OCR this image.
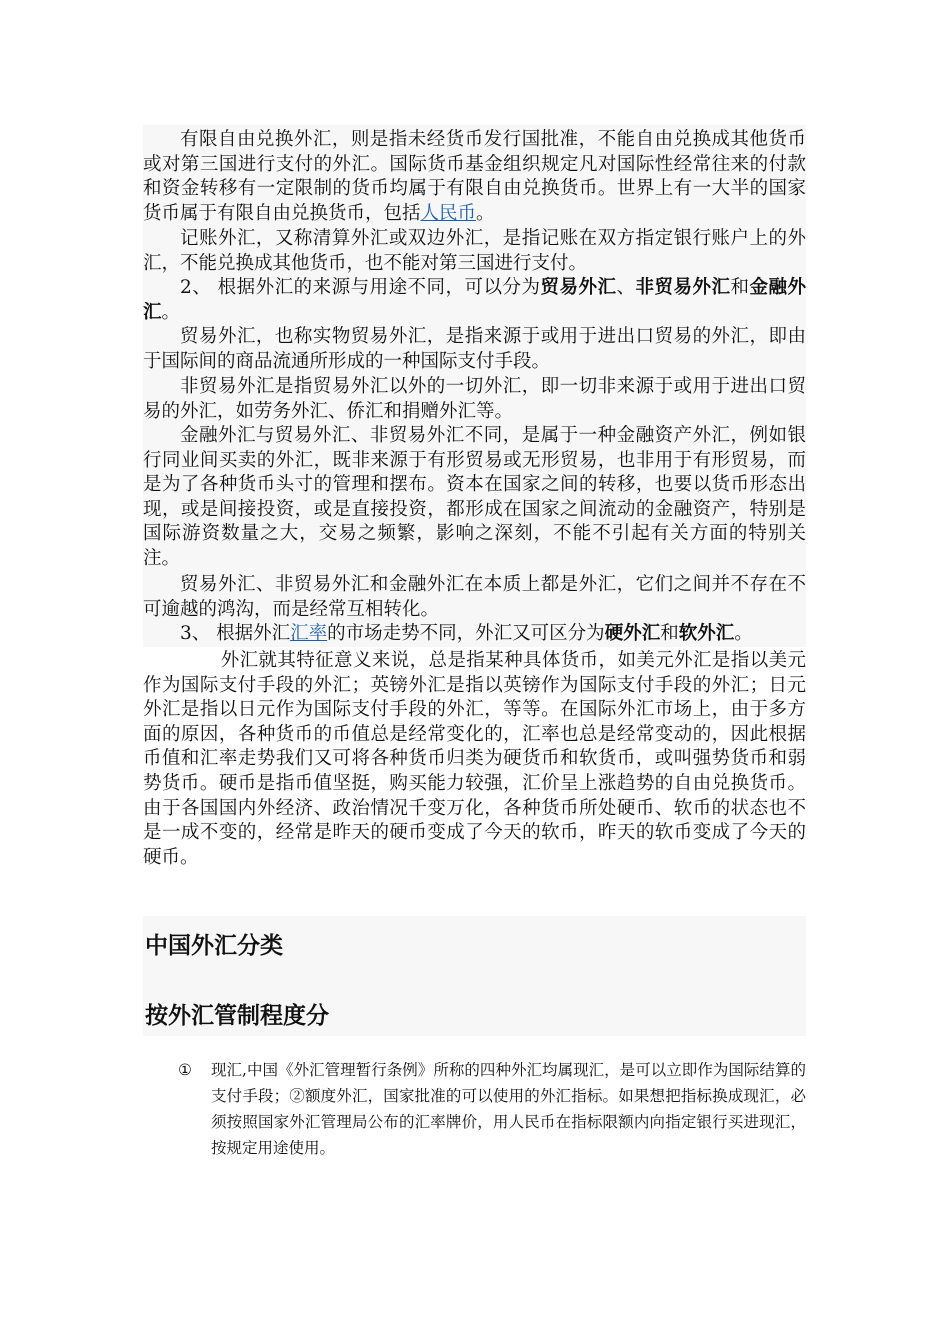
有限自由兑换外汇，则是指未经货币发行国批准，不能自由兑换成其他货币或对第三国进行支付的外汇。国际货币基金组织规定凡对国际性经常往来的付款和资金转移有一定限制的货币均属于有限自由兑换货币。世界上有一大半的国家货币属于有限自由兑换货币，包括人民币。

记账外汇，又称清算外汇或双边外汇，是指记账在双方指定银行账户上的外汇，不能兑换成其他货币，也不能对第三国进行支付。

2、 根据外汇的来源与用途不同，可以分为贸易外汇、非贸易外汇和金融外汇。

贸易外汇，也称实物贸易外汇，是指来源于或用于进出口贸易的外汇，即由于国际间的商品流通所形成的一种国际支付手段。

非贸易外汇是指贸易外汇以外的一切外汇，即一切非来源于或用于进出口贸易的外汇，如劳务外汇、侨汇和捐赠外汇等。

金融外汇与贸易外汇、非贸易外汇不同，是属于一种金融资产外汇，例如银行同业间买卖的外汇，既非来源于有形贸易或无形贸易，也非用于有形贸易，而是为了各种货币头寸的管理和摆布。资本在国家之间的转移，也要以货币形态出现，或是间接投资，或是直接投资，都形成在国家之间流动的金融资产，特别是国际游资数量之大，交易之频繁，影响之深刻，不能不引起有关方面的特别关注。

贸易外汇、非贸易外汇和金融外汇在本质上都是外汇，它们之间并不存在不可逾越的鸿沟，而是经常互相转化。

3、 根据外汇汇率的市场走势不同，外汇又可区分为硬外汇和软外汇。

外汇就其特征意义来说，总是指某种具体货币，如美元外汇是指以美元作为国际支付手段的外汇；英镑外汇是指以英镑作为国际支付手段的外汇；日元外汇是指以日元作为国际支付手段的外汇，等等。在国际外汇市场上，由于多方面的原因，各种货币的币值总是经常变化的，汇率也总是经常变动的，因此根据币值和汇率走势我们又可将各种货币归类为硬货币和软货币，或叫强势货币和弱势货币。硬币是指币值坚挺，购买能力较强，汇价呈上涨趋势的自由兑换货币。由于各国国内外经济、政治情况千变万化，各种货币所处硬币、软币的状态也不是一成不变的，经常是昨天的硬币变成了今天的软币，昨天的软币变成了今天的硬币。

中国外汇分类
按外汇管制程度分
①	现汇,中国《外汇管理暂行条例》所称的四种外汇均属现汇，是可以立即作为国际结算的支付手段；②额度外汇，国家批准的可以使用的外汇指标。如果想把指标换成现汇，必须按照国家外汇管理局公布的汇率牌价，用人民币在指标限额内向指定银行买进现汇，按规定用途使用。
